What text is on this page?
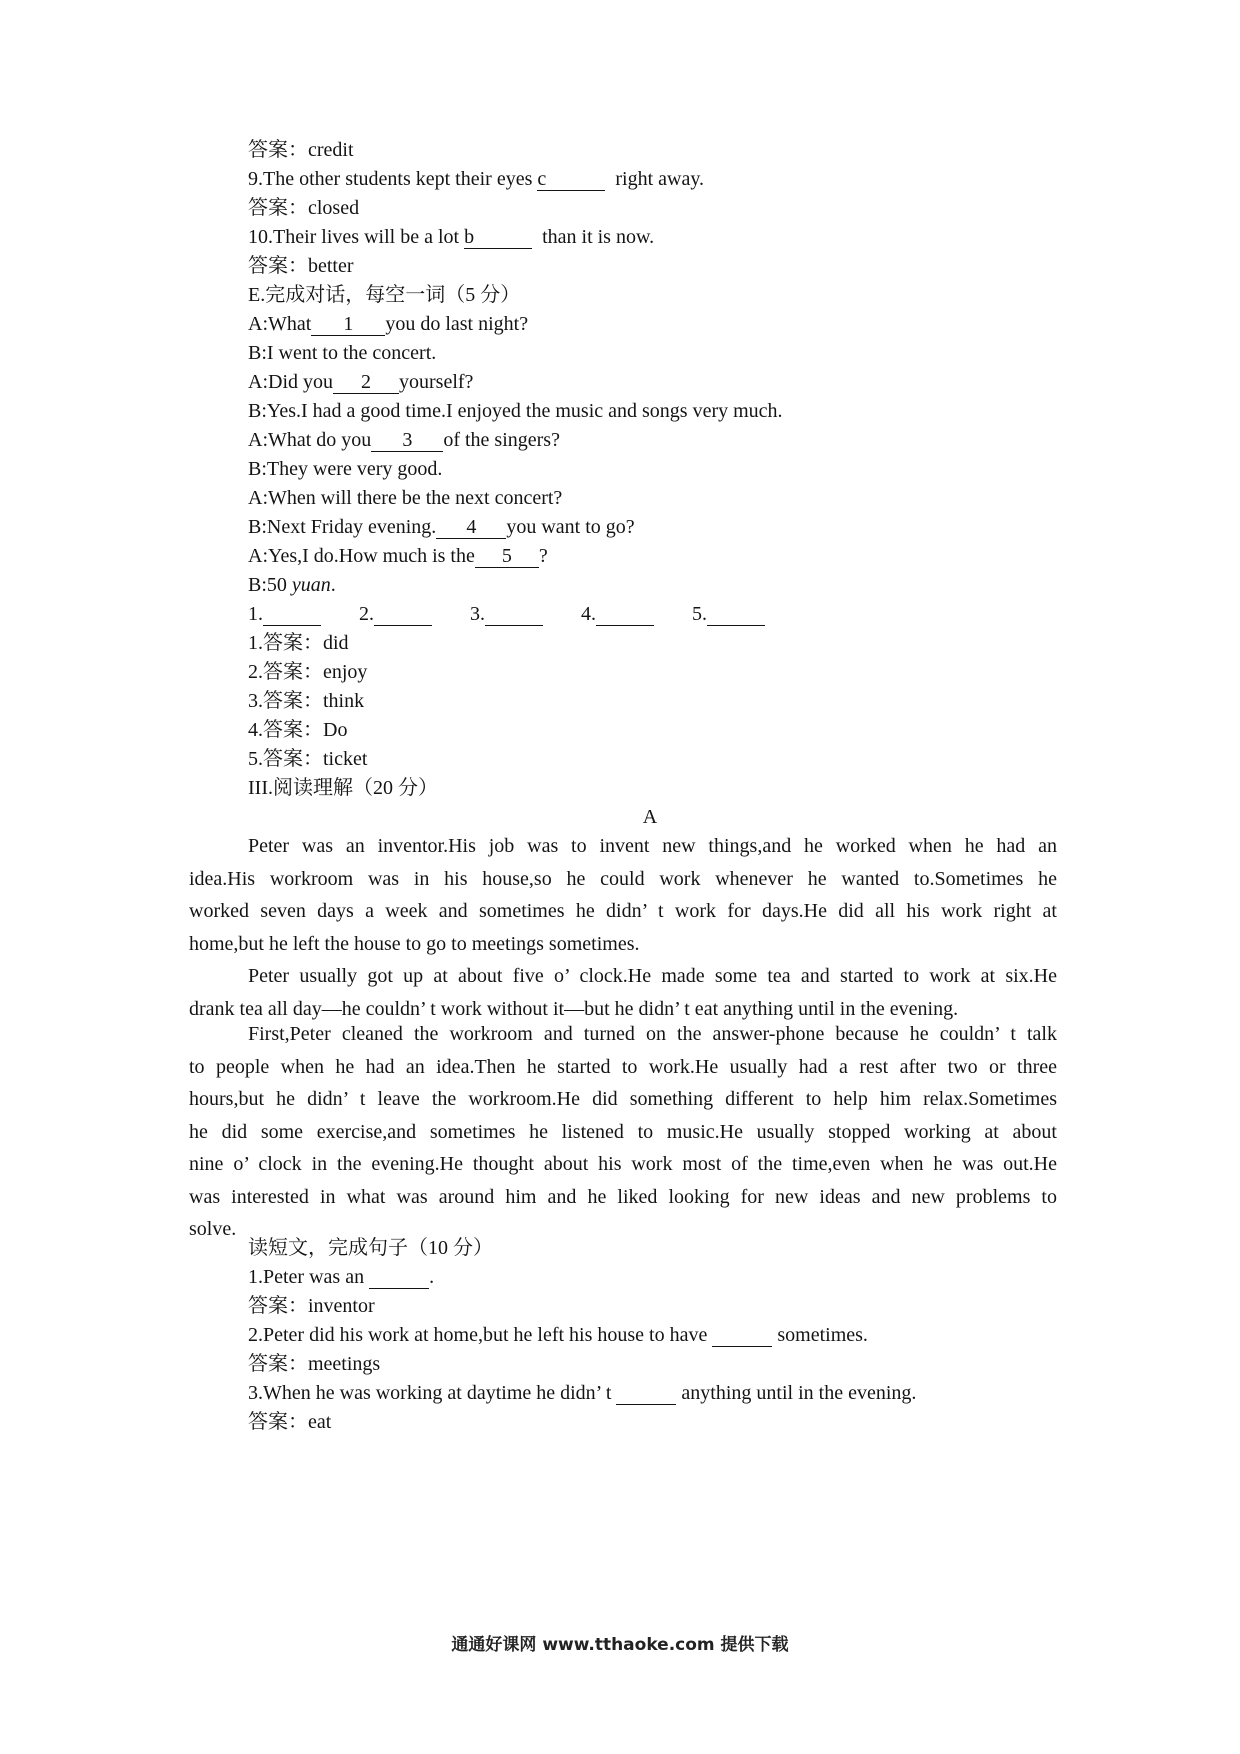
答案：credit
9.The other students kept their eyes c	right away.
答案：closed
10.Their lives will be a lot b	than it is now.
答案：better
E.完成对话，每空一词（5 分）
A:What 1 you do last night?
B:I went to the concert.
A:Did you 2 yourself?
B:Yes.I had a good time.I enjoyed the music and songs very much.
A:What do you 3 of the singers?
B:They were very good.
A:When will there be the next concert?
B:Next Friday evening. 4 you want to go?
A:Yes,I do.How much is the 5 ?
B:50 yuan.
1.	2.	3.	4.	5.
1.答案：did
2.答案：enjoy
3.答案：think
4.答案：Do
5.答案：ticket
III.阅读理解（20 分）
A
Peter was an inventor.His job was to invent new things,and he worked when he had an
idea.His workroom was in his house,so he could work whenever he wanted to.Sometimes he
worked seven days a week and sometimes he didn’ t work for days.He did all his work right at
home,but he left the house to go to meetings sometimes.
Peter usually got up at about five o’ clock.He made some tea and started to work at six.He
drank tea all day—he couldn’ t work without it—but he didn’ t eat anything until in the evening.
First,Peter cleaned the workroom and turned on the answer-phone because he couldn’ t talk
to people when he had an idea.Then he started to work.He usually had a rest after two or three
hours,but he didn’ t leave the workroom.He did something different to help him relax.Sometimes
he did some exercise,and sometimes he listened to music.He usually stopped working at about
nine o’ clock in the evening.He thought about his work most of the time,even when he was out.He
was interested in what was around him and he liked looking for new ideas and new problems to
solve.
读短文，完成句子（10 分）
1.Peter was an	.
答案：inventor
2.Peter did his work at home,but he left his house to have	sometimes.
答案：meetings
3.When he was working at daytime he didn’ t	anything until in the evening.
答案：eat
通通好课网 www.tthaoke.com 提供下载
